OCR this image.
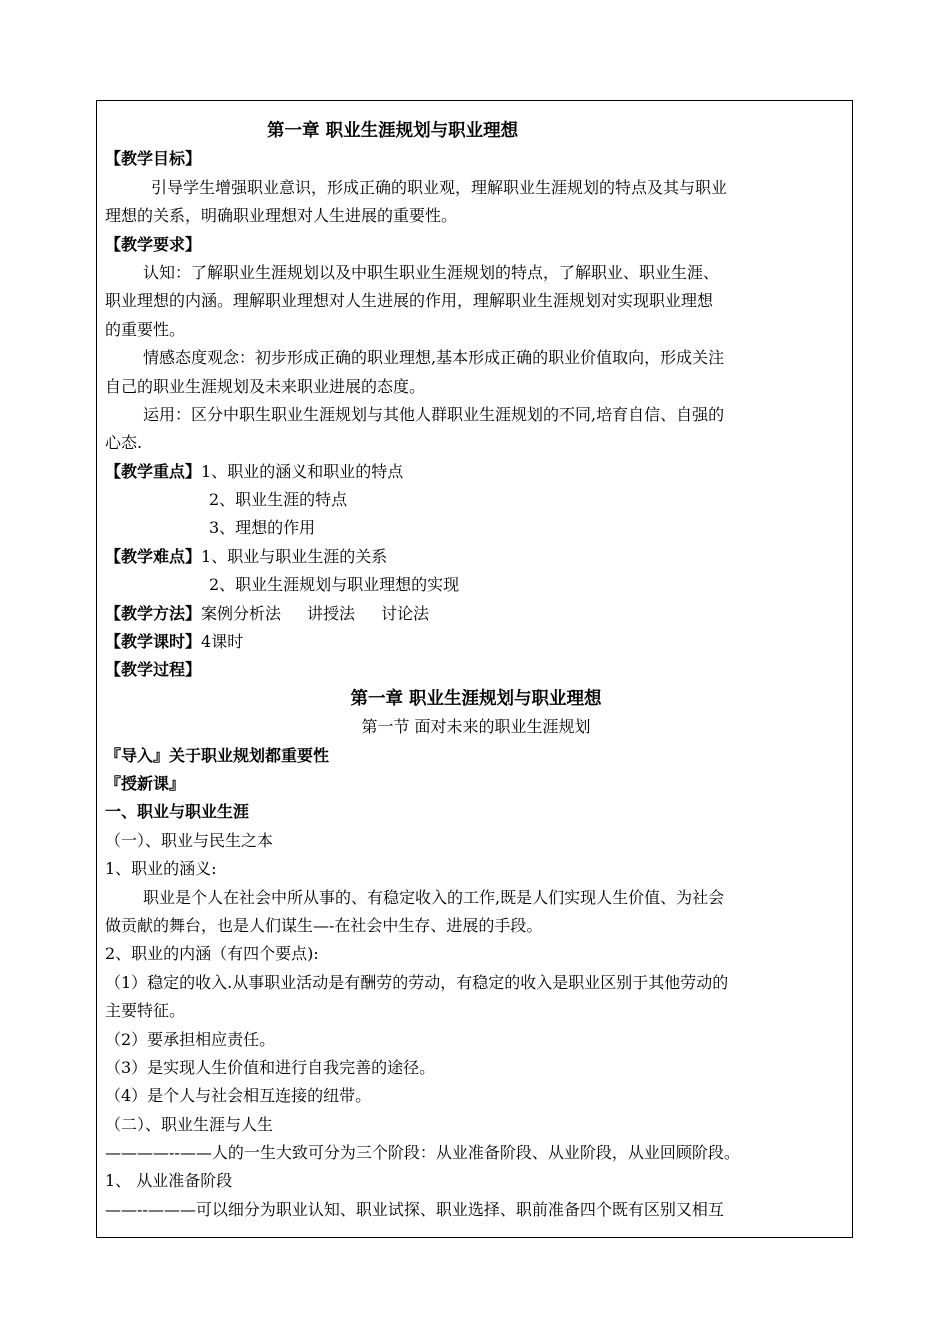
第一章 职业生涯规划与职业理想
【教学目标】
引导学生增强职业意识，形成正确的职业观，理解职业生涯规划的特点及其与职业
理想的关系，明确职业理想对人生进展的重要性。
【教学要求】
认知：了解职业生涯规划以及中职生职业生涯规划的特点，了解职业、职业生涯、
职业理想的内涵。理解职业理想对人生进展的作用，理解职业生涯规划对实现职业理想
的重要性。
情感态度观念：初步形成正确的职业理想,基本形成正确的职业价值取向，形成关注
自己的职业生涯规划及未来职业进展的态度。
运用：区分中职生职业生涯规划与其他人群职业生涯规划的不同,培育自信、自强的
心态.
【教学重点】1、职业的涵义和职业的特点
2、职业生涯的特点
3、理想的作用
【教学难点】1、职业与职业生涯的关系
2、职业生涯规划与职业理想的实现
【教学方法】案例分析法 讲授法 讨论法
【教学课时】4课时
【教学过程】
第一章 职业生涯规划与职业理想
第一节 面对未来的职业生涯规划
『导入』关于职业规划都重要性
『授新课』
一、职业与职业生涯
（一）、职业与民生之本
1、职业的涵义:
职业是个人在社会中所从事的、有稳定收入的工作,既是人们实现人生价值、为社会
做贡献的舞台，也是人们谋生—-在社会中生存、进展的手段。
2、职业的内涵（有四个要点):
（1）稳定的收入.从事职业活动是有酬劳的劳动，有稳定的收入是职业区别于其他劳动的
主要特征。
（2）要承担相应责任。
（3）是实现人生价值和进行自我完善的途径。
（4）是个人与社会相互连接的纽带。
（二）、职业生涯与人生
————--——人的一生大致可分为三个阶段：从业准备阶段、从业阶段，从业回顾阶段。
1、 从业准备阶段
——--———可以细分为职业认知、职业试探、职业选择、职前准备四个既有区别又相互
